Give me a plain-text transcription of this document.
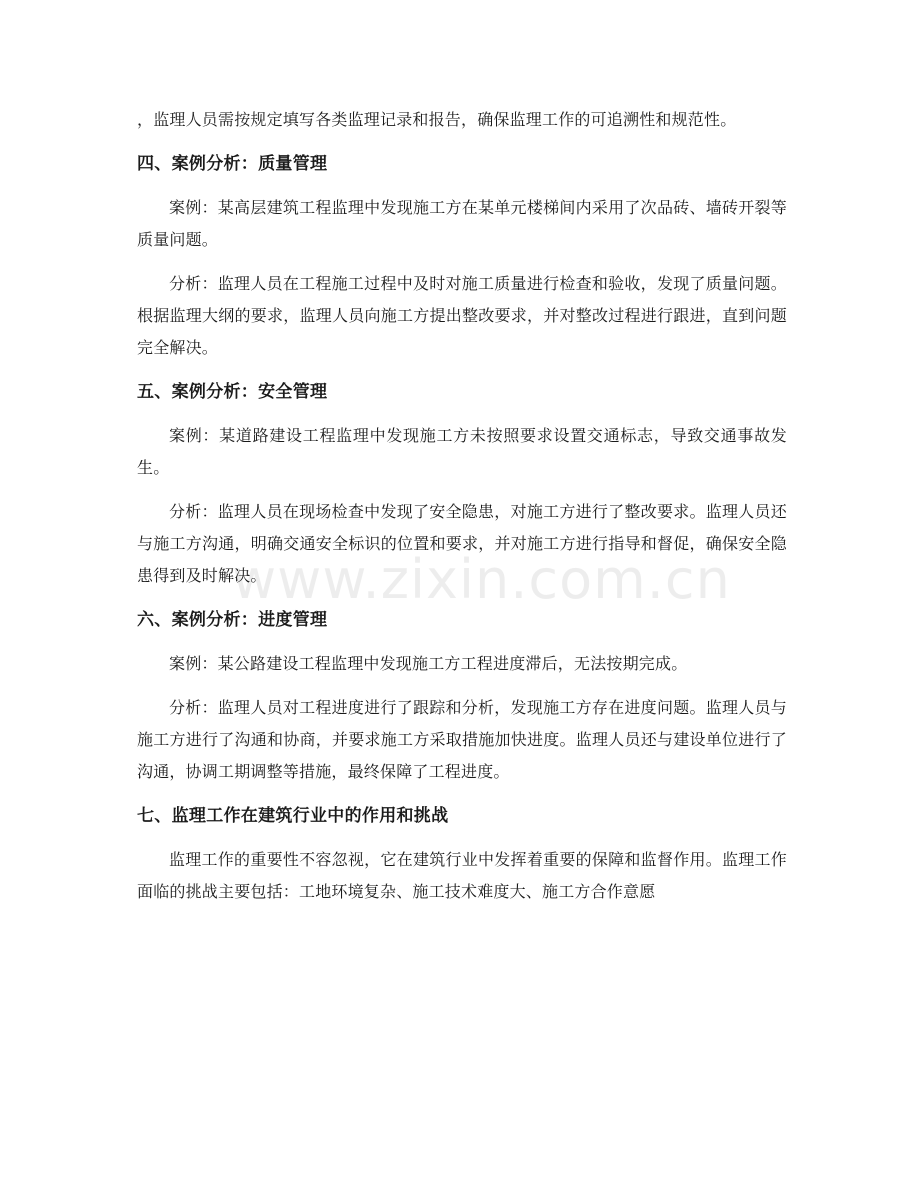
，监理人员需按规定填写各类监理记录和报告，确保监理工作的可追溯性和规范性。

四、案例分析：质量管理

案例：某高层建筑工程监理中发现施工方在某单元楼梯间内采用了次品砖、墙砖开裂等质量问题。

分析：监理人员在工程施工过程中及时对施工质量进行检查和验收，发现了质量问题。根据监理大纲的要求，监理人员向施工方提出整改要求，并对整改过程进行跟进，直到问题完全解决。

五、案例分析：安全管理

案例：某道路建设工程监理中发现施工方未按照要求设置交通标志，导致交通事故发生。

分析：监理人员在现场检查中发现了安全隐患，对施工方进行了整改要求。监理人员还与施工方沟通，明确交通安全标识的位置和要求，并对施工方进行指导和督促，确保安全隐患得到及时解决。

六、案例分析：进度管理

案例：某公路建设工程监理中发现施工方工程进度滞后，无法按期完成。

分析：监理人员对工程进度进行了跟踪和分析，发现施工方存在进度问题。监理人员与施工方进行了沟通和协商，并要求施工方采取措施加快进度。监理人员还与建设单位进行了沟通，协调工期调整等措施，最终保障了工程进度。

七、监理工作在建筑行业中的作用和挑战

监理工作的重要性不容忽视，它在建筑行业中发挥着重要的保障和监督作用。监理工作面临的挑战主要包括：工地环境复杂、施工技术难度大、施工方合作意愿

www.zixin.com.cn
